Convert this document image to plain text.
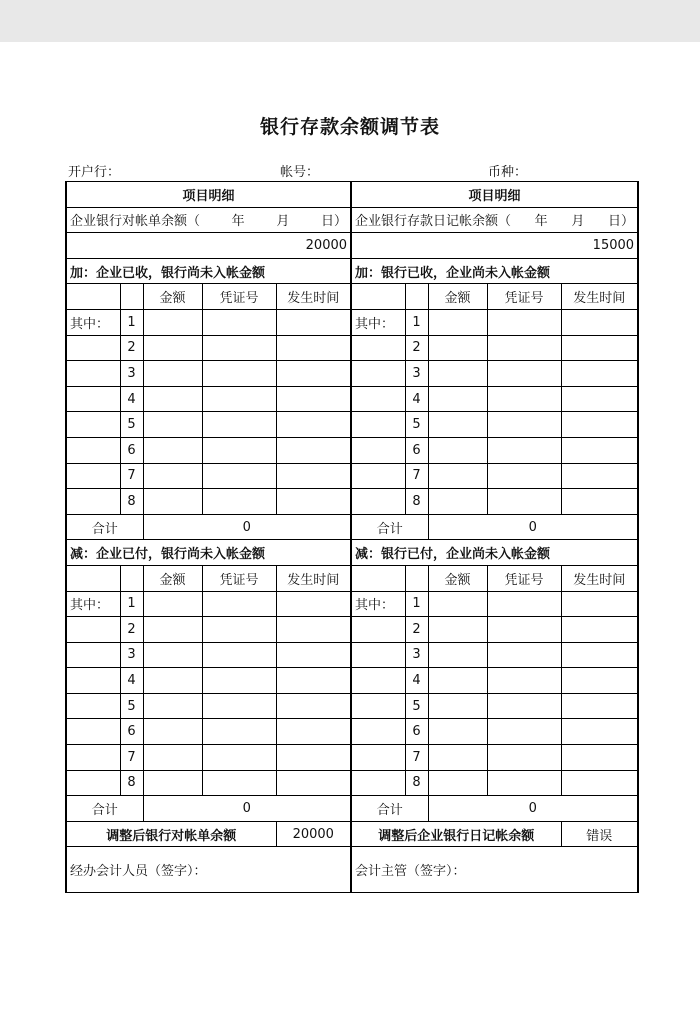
银行存款余额调节表
开户行：	帐号：	币种：
项目明细					项目明细				

企业银行对帐单余额（ 年 月 日）					企业银行存款日记帐余额（ 年 月 日）				

20000					15000				
加：企业已收，银行尚未入帐金额					加：银行已收，企业尚未入帐金额				
		金额	凭证号	发生时间			金额	凭证号	发生时间
其中：	1				其中：	1			
	2					2			
	3					3			
	4					4			
	5					5			
	6					6			
	7					7			
	8					8			
合计		0			合计		0		
减：企业已付，银行尚未入帐金额					减：银行已付，企业尚未入帐金额				
		金额	凭证号	发生时间			金额	凭证号	发生时间
其中：	1				其中：	1			
	2					2			
	3					3			
	4					4			
	5					5			
	6					6			
	7					7			
	8					8			
合计		0			合计		0		
调整后银行对帐单余额				20000	调整后企业银行日记帐余额				错误
经办会计人员（签字）：					会计主管（签字）：				
